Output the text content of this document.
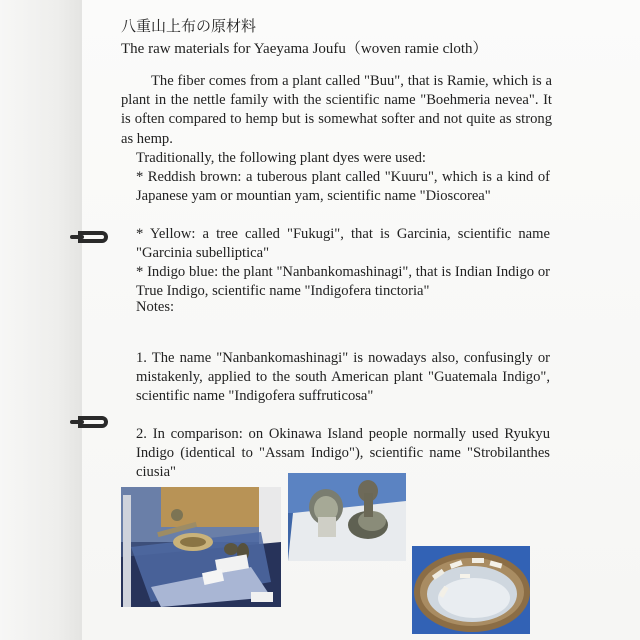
八重山上布の原材料
The raw materials for Yaeyama Joufu（woven ramie cloth）
The fiber comes from a plant called "Buu", that is Ramie, which is a plant in the nettle family with the scientific name "Boehmeria nevea". It is often compared to hemp but is somewhat softer and not quite as strong as hemp.
Traditionally, the following plant dyes were used:
* Reddish brown: a tuberous plant called "Kuuru", which is a kind of Japanese yam or mountian yam, scientific name "Dioscorea"
* Yellow: a tree called "Fukugi", that is Garcinia, scientific name "Garcinia subelliptica"
* Indigo blue: the plant "Nanbankomashinagi", that is Indian Indigo or True Indigo, scientific name "Indigofera tinctoria"
Notes:
1. The name "Nanbankomashinagi" is nowadays also, confusingly or mistakenly, applied to the south American plant "Guatemala Indigo", scientific name "Indigofera suffruticosa"
2. In comparison: on Okinawa Island people normally used Ryukyu Indigo (identical to "Assam Indigo"), scientific name "Strobilanthes ciusia"
